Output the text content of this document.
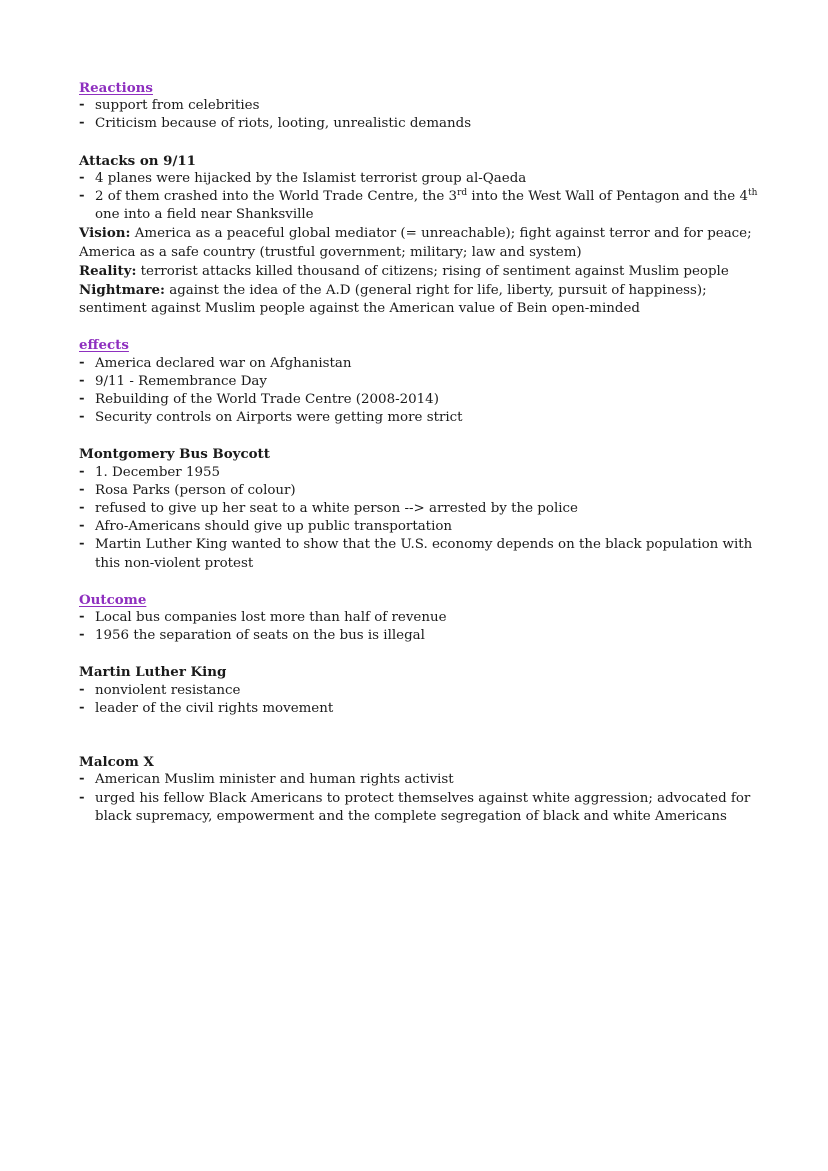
Reactions
- support from celebrities
- Criticism because of riots, looting, unrealistic demands
Attacks on 9/11
- 4 planes were hijacked by the Islamist terrorist group al-Qaeda
- 2 of them crashed into the World Trade Centre, the 3rd into the West Wall of Pentagon and the 4th one into a field near Shanksville

Vision: America as a peaceful global mediator (= unreachable); fight against terror and for peace; America as a safe country (trustful government; military; law and system)

Reality: terrorist attacks killed thousand of citizens; rising of sentiment against Muslim people

Nightmare: against the idea of the A.D (general right for life, liberty, pursuit of happiness); sentiment against Muslim people against the American value of Bein open-minded

effects
- America declared war on Afghanistan
- 9/11 - Remembrance Day
- Rebuilding of the World Trade Centre (2008-2014)
- Security controls on Airports were getting more strict
Montgomery Bus Boycott
- 1. December 1955
- Rosa Parks (person of colour)
- refused to give up her seat to a white person --> arrested by the police
- Afro-Americans should give up public transportation
- Martin Luther King wanted to show that the U.S. economy depends on the black population with this non-violent protest
Outcome
- Local bus companies lost more than half of revenue
- 1956 the separation of seats on the bus is illegal
Martin Luther King
- nonviolent resistance
- leader of the civil rights movement
Malcom X
- American Muslim minister and human rights activist
- urged his fellow Black Americans to protect themselves against white aggression; advocated for black supremacy, empowerment and the complete segregation of black and white Americans
